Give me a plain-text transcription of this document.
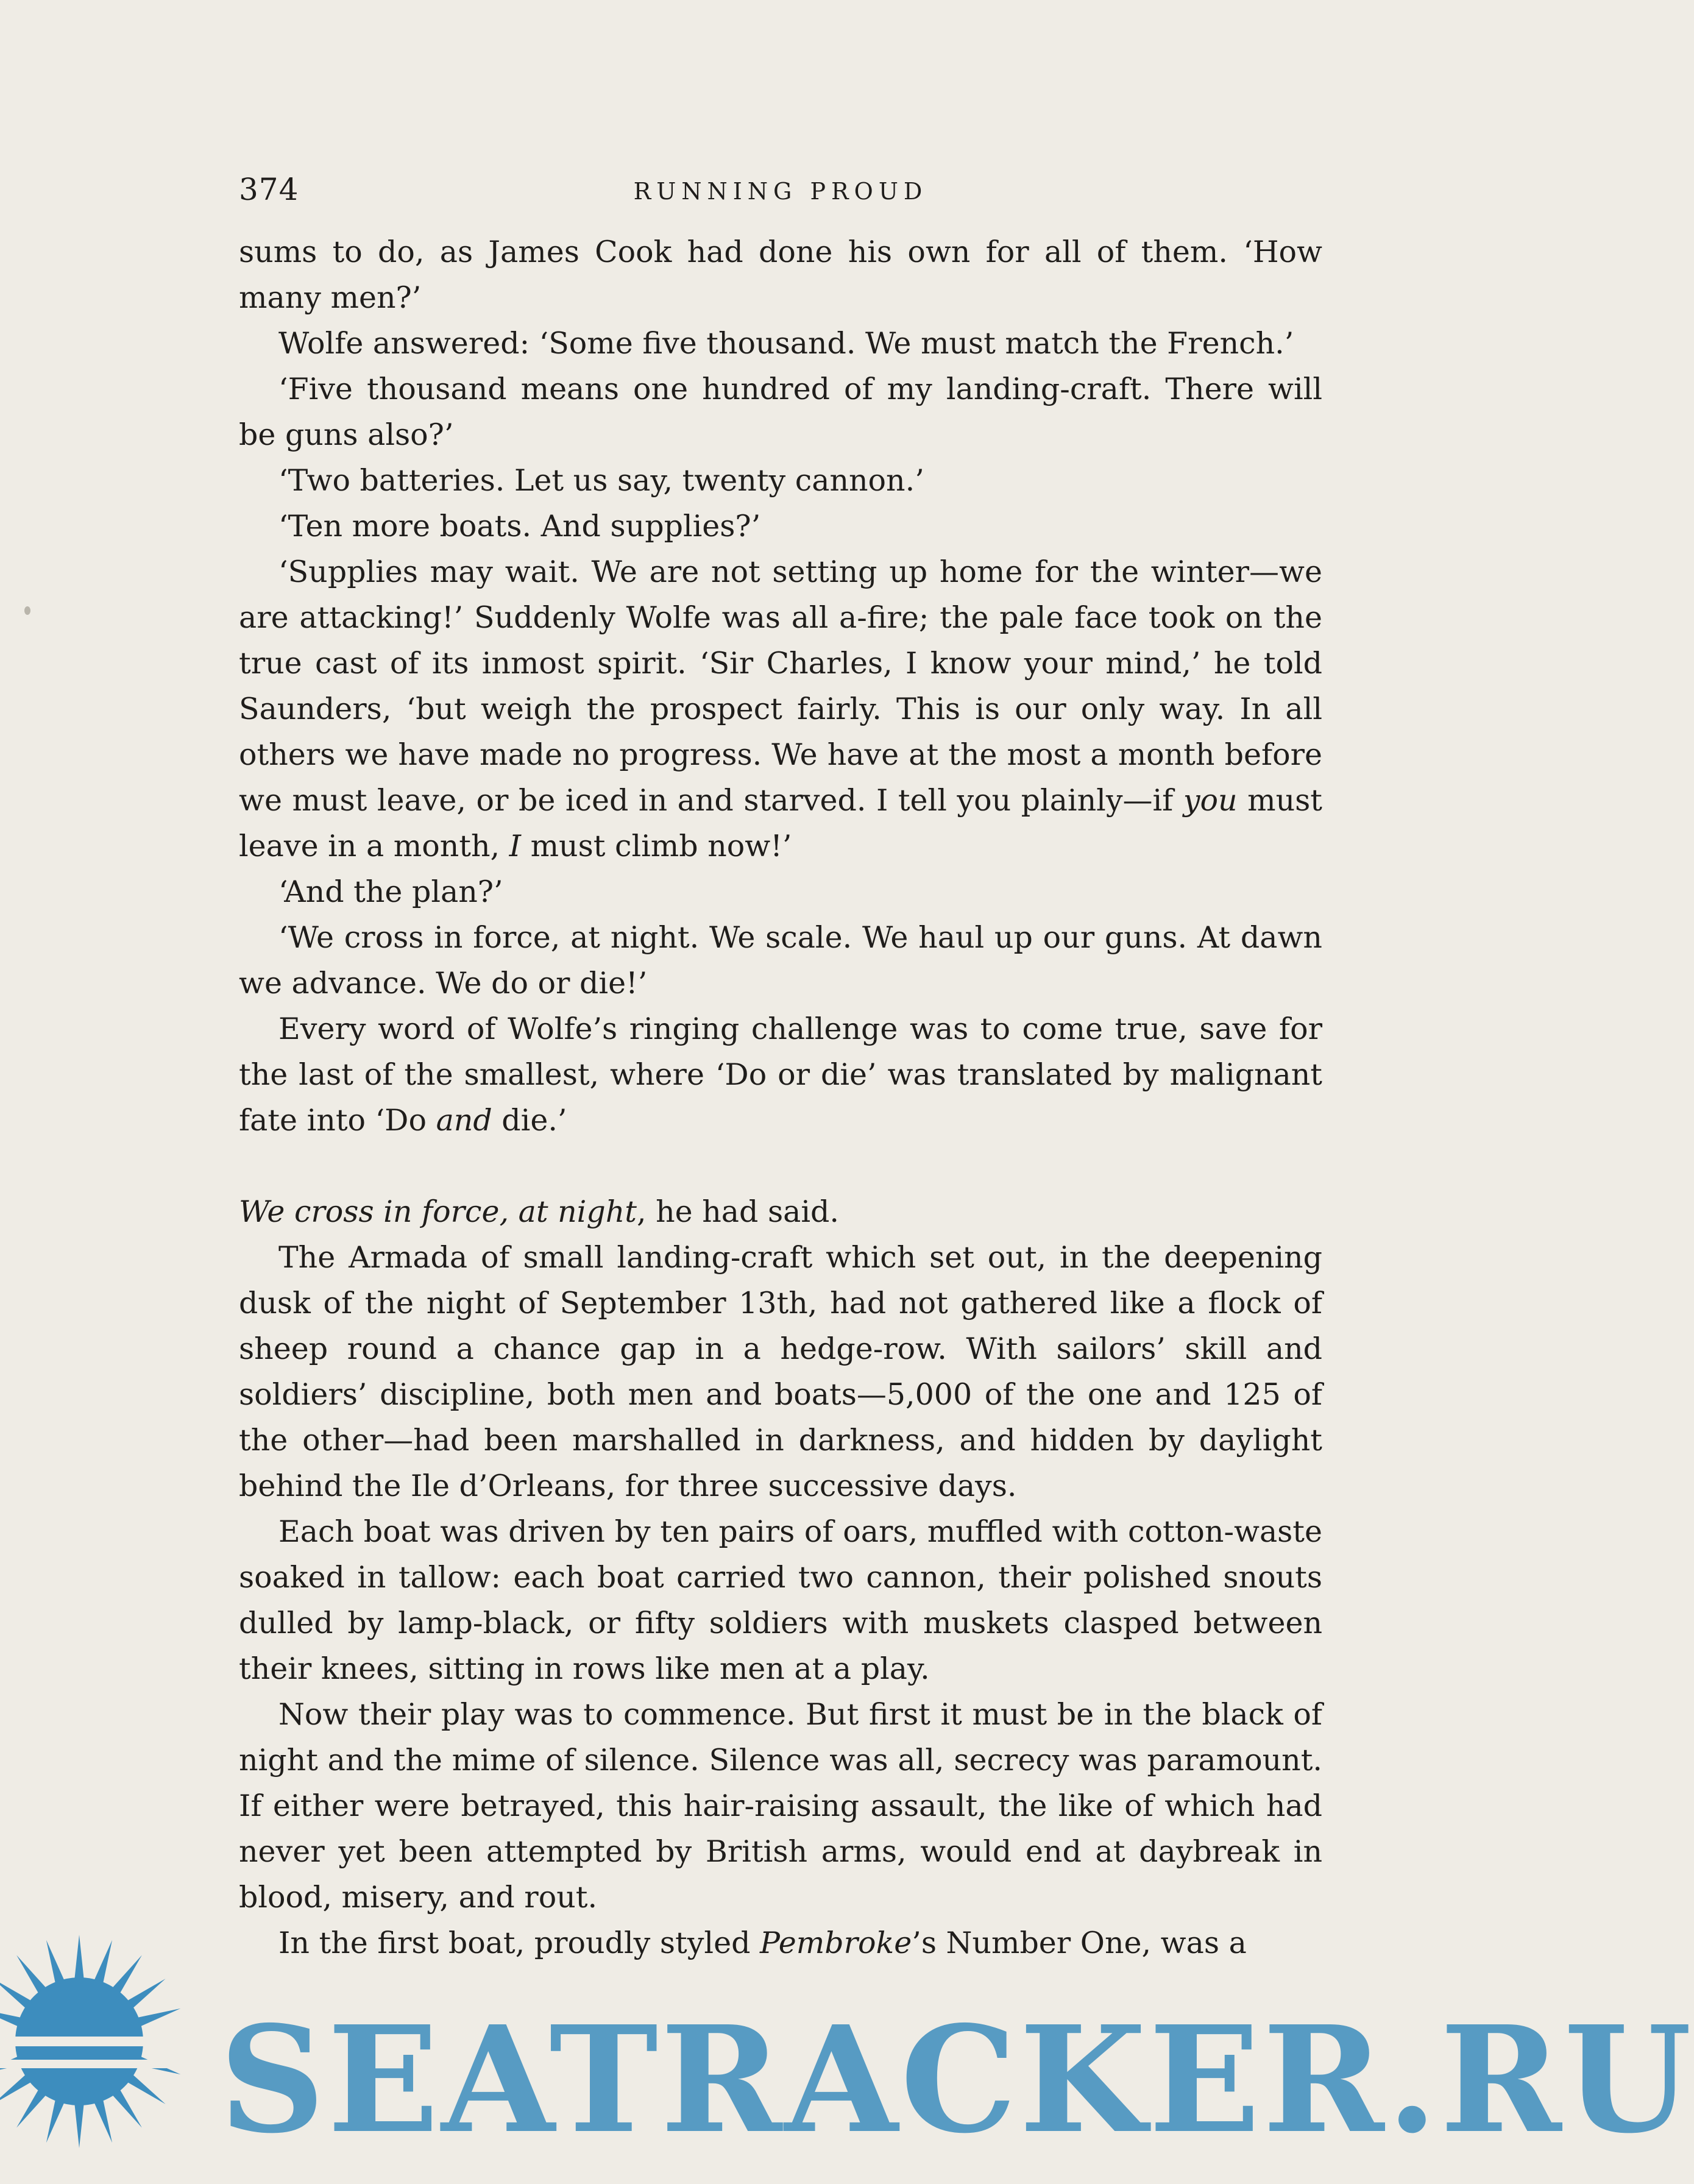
374	RUNNING PROUD

sums to do, as James Cook had done his own for all of them. ‘How many men?’

Wolfe answered: ‘Some five thousand. We must match the French.’

‘Five thousand means one hundred of my landing-craft. There will be guns also?’

‘Two batteries. Let us say, twenty cannon.’

‘Ten more boats. And supplies?’

‘Supplies may wait. We are not setting up home for the winter—we are attacking!’ Suddenly Wolfe was all a-fire; the pale face took on the true cast of its inmost spirit. ‘Sir Charles, I know your mind,’ he told Saunders, ‘but weigh the prospect fairly. This is our only way. In all others we have made no progress. We have at the most a month before we must leave, or be iced in and starved. I tell you plainly—if you must leave in a month, I must climb now!’

‘And the plan?’

‘We cross in force, at night. We scale. We haul up our guns. At dawn we advance. We do or die!’

Every word of Wolfe’s ringing challenge was to come true, save for the last of the smallest, where ‘Do or die’ was translated by malignant fate into ‘Do and die.’

We cross in force, at night, he had said.

The Armada of small landing-craft which set out, in the deepening dusk of the night of September 13th, had not gathered like a flock of sheep round a chance gap in a hedge-row. With sailors’ skill and soldiers’ discipline, both men and boats—5,000 of the one and 125 of the other—had been marshalled in darkness, and hidden by daylight behind the Ile d’Orleans, for three successive days.

Each boat was driven by ten pairs of oars, muffled with cotton-waste soaked in tallow: each boat carried two cannon, their polished snouts dulled by lamp-black, or fifty soldiers with muskets clasped between their knees, sitting in rows like men at a play.

Now their play was to commence. But first it must be in the black of night and the mime of silence. Silence was all, secrecy was paramount. If either were betrayed, this hair-raising assault, the like of which had never yet been attempted by British arms, would end at daybreak in blood, misery, and rout.

In the first boat, proudly styled Pembroke’s Number One, was a

SEATRACKER.RU
